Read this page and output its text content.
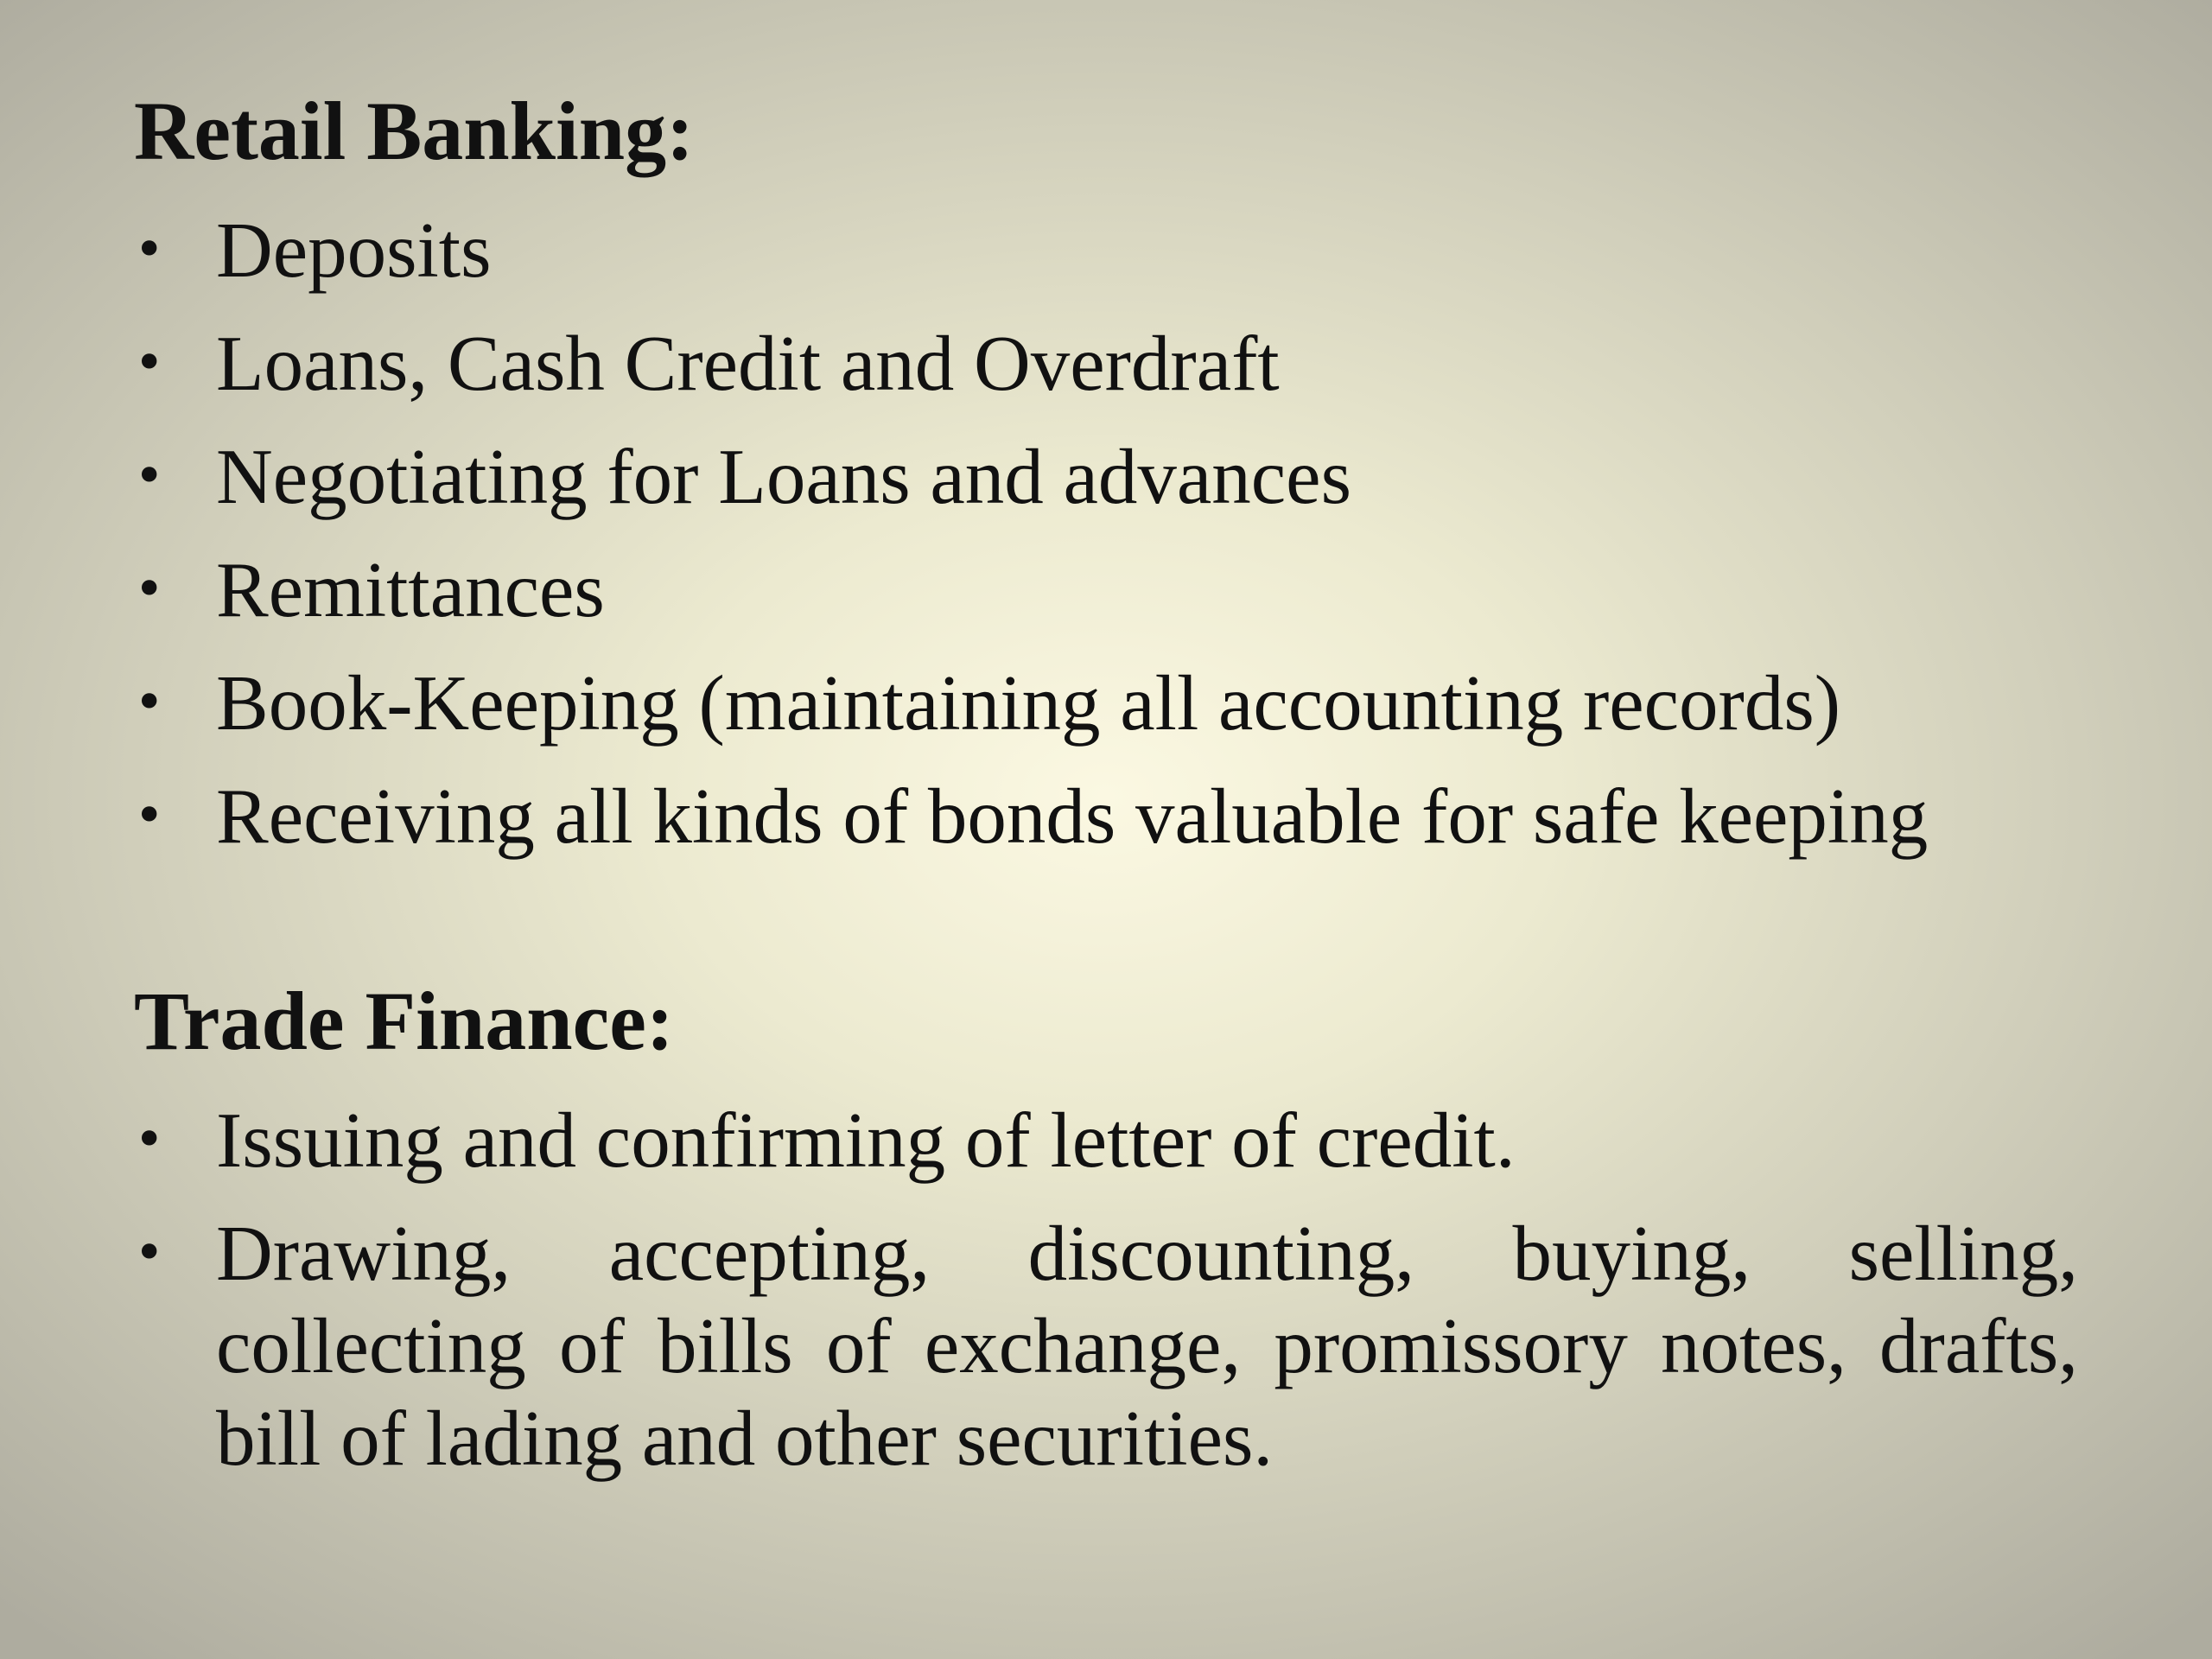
Retail Banking:
• Deposits
• Loans, Cash Credit and Overdraft
• Negotiating for Loans and advances
• Remittances
• Book-Keeping (maintaining all accounting records)
• Receiving all kinds of bonds valuable for safe keeping
Trade Finance:
• Issuing and confirming of letter of credit.
• Drawing, accepting, discounting, buying, selling, collecting of bills of exchange, promissory notes, drafts, bill of lading and other securities.
